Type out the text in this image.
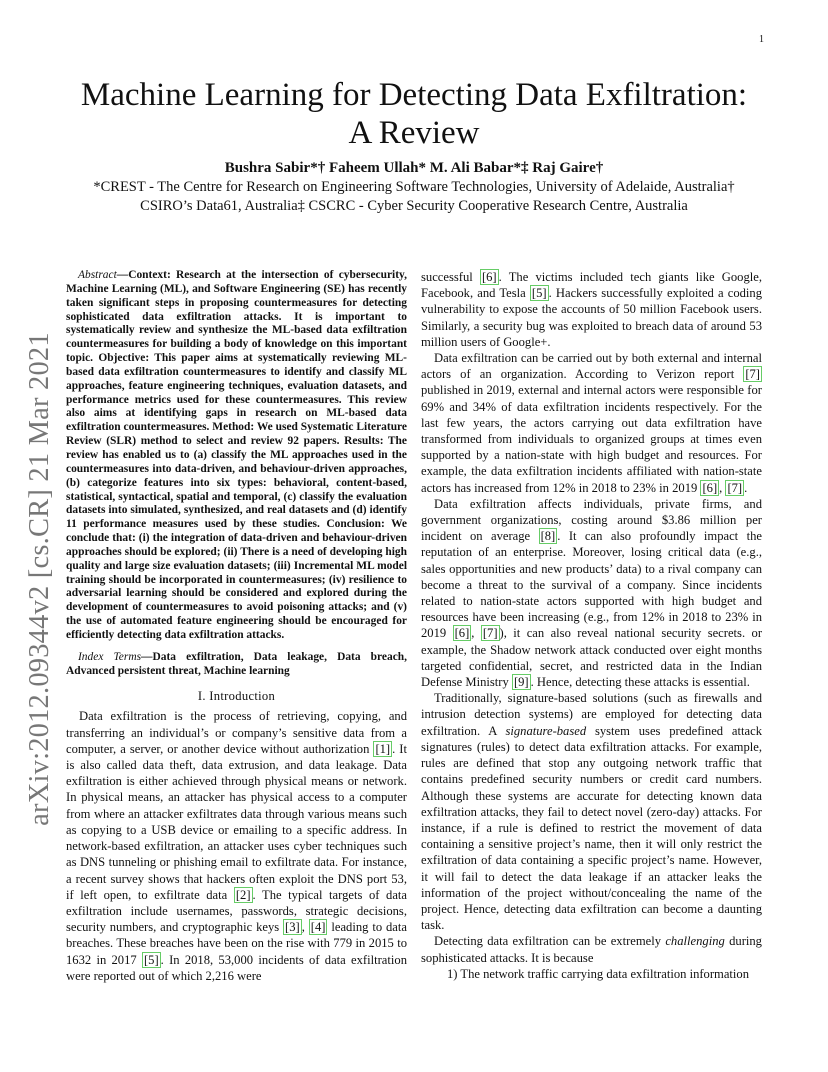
1
arXiv:2012.09344v2 [cs.CR] 21 Mar 2021
Machine Learning for Detecting Data Exfiltration:
A Review
Bushra Sabir*† Faheem Ullah* M. Ali Babar*‡ Raj Gaire†
*CREST - The Centre for Research on Engineering Software Technologies, University of Adelaide, Australia†
CSIRO’s Data61, Australia‡ CSCRC - Cyber Security Cooperative Research Centre, Australia

Abstract—Context: Research at the intersection of cybersecurity, Machine Learning (ML), and Software Engineering (SE) has recently taken significant steps in proposing countermeasures for detecting sophisticated data exfiltration attacks. It is important to systematically review and synthesize the ML-based data exfiltration countermeasures for building a body of knowledge on this important topic. Objective: This paper aims at systematically reviewing ML-based data exfiltration countermeasures to identify and classify ML approaches, feature engineering techniques, evaluation datasets, and performance metrics used for these countermeasures. This review also aims at identifying gaps in research on ML-based data exfiltration countermeasures. Method: We used Systematic Literature Review (SLR) method to select and review 92 papers. Results: The review has enabled us to (a) classify the ML approaches used in the countermeasures into data-driven, and behaviour-driven approaches, (b) categorize features into six types: behavioral, content-based, statistical, syntactical, spatial and temporal, (c) classify the evaluation datasets into simulated, synthesized, and real datasets and (d) identify 11 performance measures used by these studies. Conclusion: We conclude that: (i) the integration of data-driven and behaviour-driven approaches should be explored; (ii) There is a need of developing high quality and large size evaluation datasets; (iii) Incremental ML model training should be incorporated in countermeasures; (iv) resilience to adversarial learning should be considered and explored during the development of countermeasures to avoid poisoning attacks; and (v) the use of automated feature engineering should be encouraged for efficiently detecting data exfiltration attacks.

Index Terms—Data exfiltration, Data leakage, Data breach, Advanced persistent threat, Machine learning

I. Introduction

Data exfiltration is the process of retrieving, copying, and transferring an individual’s or company’s sensitive data from a computer, a server, or another device without authorization [1] . It is also called data theft, data extrusion, and data leakage. Data exfiltration is either achieved through physical means or network. In physical means, an attacker has physical access to a computer from where an attacker exfiltrates data through various means such as copying to a USB device or emailing to a specific address. In network-based exfiltration, an attacker uses cyber techniques such as DNS tunneling or phishing email to exfiltrate data. For instance, a recent survey shows that hackers often exploit the DNS port 53, if left open, to exfiltrate data [2] . The typical targets of data exfiltration include usernames, passwords, strategic decisions, security numbers, and cryptographic keys [3] , [4] leading to data breaches. These breaches have been on the rise with 779 in 2015 to 1632 in 2017 [5] . In 2018, 53,000 incidents of data exfiltration were reported out of which 2,216 were

successful [6] . The victims included tech giants like Google, Facebook, and Tesla [5] . Hackers successfully exploited a coding vulnerability to expose the accounts of 50 million Facebook users. Similarly, a security bug was exploited to breach data of around 53 million users of Google+.

Data exfiltration can be carried out by both external and internal actors of an organization. According to Verizon report [7] published in 2019, external and internal actors were responsible for 69% and 34% of data exfiltration incidents respectively. For the last few years, the actors carrying out data exfiltration have transformed from individuals to organized groups at times even supported by a nation-state with high budget and resources. For example, the data exfiltration incidents affiliated with nation-state actors has increased from 12% in 2018 to 23% in 2019 [6] , [7] .

Data exfiltration affects individuals, private firms, and government organizations, costing around $3.86 million per incident on average [8] . It can also profoundly impact the reputation of an enterprise. Moreover, losing critical data (e.g., sales opportunities and new products’ data) to a rival company can become a threat to the survival of a company. Since incidents related to nation-state actors supported with high budget and resources have been increasing (e.g., from 12% in 2018 to 23% in 2019 [6] , [7] ), it can also reveal national security secrets. or example, the Shadow network attack conducted over eight months targeted confidential, secret, and restricted data in the Indian Defense Ministry [9] . Hence, detecting these attacks is essential.

Traditionally, signature-based solutions (such as firewalls and intrusion detection systems) are employed for detecting data exfiltration. A signature-based system uses predefined attack signatures (rules) to detect data exfiltration attacks. For example, rules are defined that stop any outgoing network traffic that contains predefined security numbers or credit card numbers. Although these systems are accurate for detecting known data exfiltration attacks, they fail to detect novel (zero-day) attacks. For instance, if a rule is defined to restrict the movement of data containing a sensitive project’s name, then it will only restrict the exfiltration of data containing a specific project’s name. However, it will fail to detect the data leakage if an attacker leaks the information of the project without/concealing the name of the project. Hence, detecting data exfiltration can become a daunting task.

Detecting data exfiltration can be extremely challenging during sophisticated attacks. It is because

1) The network traffic carrying data exfiltration information
